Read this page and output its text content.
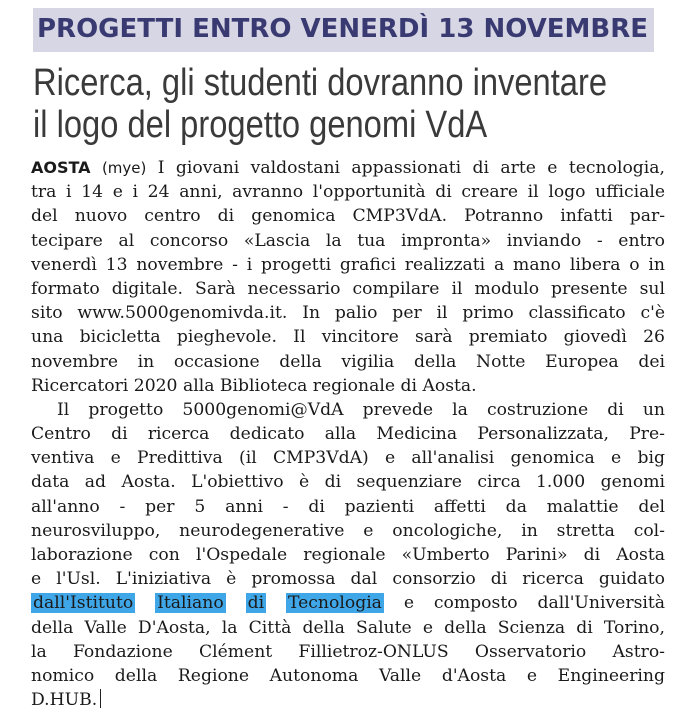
PROGETTI ENTRO VENERDÌ 13 NOVEMBRE
Ricerca, gli studenti dovranno inventare
il logo del progetto genomi VdA
AOSTA (mye) I giovani valdostani appassionati di arte e tecnologia,
tra i 14 e i 24 anni, avranno l'opportunità di creare il logo ufficiale
del nuovo centro di genomica CMP3VdA. Potranno infatti par-
tecipare al concorso «Lascia la tua impronta» inviando - entro
venerdì 13 novembre - i progetti grafici realizzati a mano libera o in
formato digitale. Sarà necessario compilare il modulo presente sul
sito www.5000genomivda.it. In palio per il primo classificato c'è
una bicicletta pieghevole. Il vincitore sarà premiato giovedì 26
novembre in occasione della vigilia della Notte Europea dei
Ricercatori 2020 alla Biblioteca regionale di Aosta.
Il progetto 5000genomi@VdA prevede la costruzione di un
Centro di ricerca dedicato alla Medicina Personalizzata, Pre-
ventiva e Predittiva (il CMP3VdA) e all'analisi genomica e big
data ad Aosta. L'obiettivo è di sequenziare circa 1.000 genomi
all'anno - per 5 anni - di pazienti affetti da malattie del
neurosviluppo, neurodegenerative e oncologiche, in stretta col-
laborazione con l'Ospedale regionale «Umberto Parini» di Aosta
e l'Usl. L'iniziativa è promossa dal consorzio di ricerca guidato
dall'Istituto Italiano di Tecnologia e composto dall'Università
della Valle D'Aosta, la Città della Salute e della Scienza di Torino,
la Fondazione Clément Fillietroz-ONLUS Osservatorio Astro-
nomico della Regione Autonoma Valle d'Aosta e Engineering
D.HUB.
